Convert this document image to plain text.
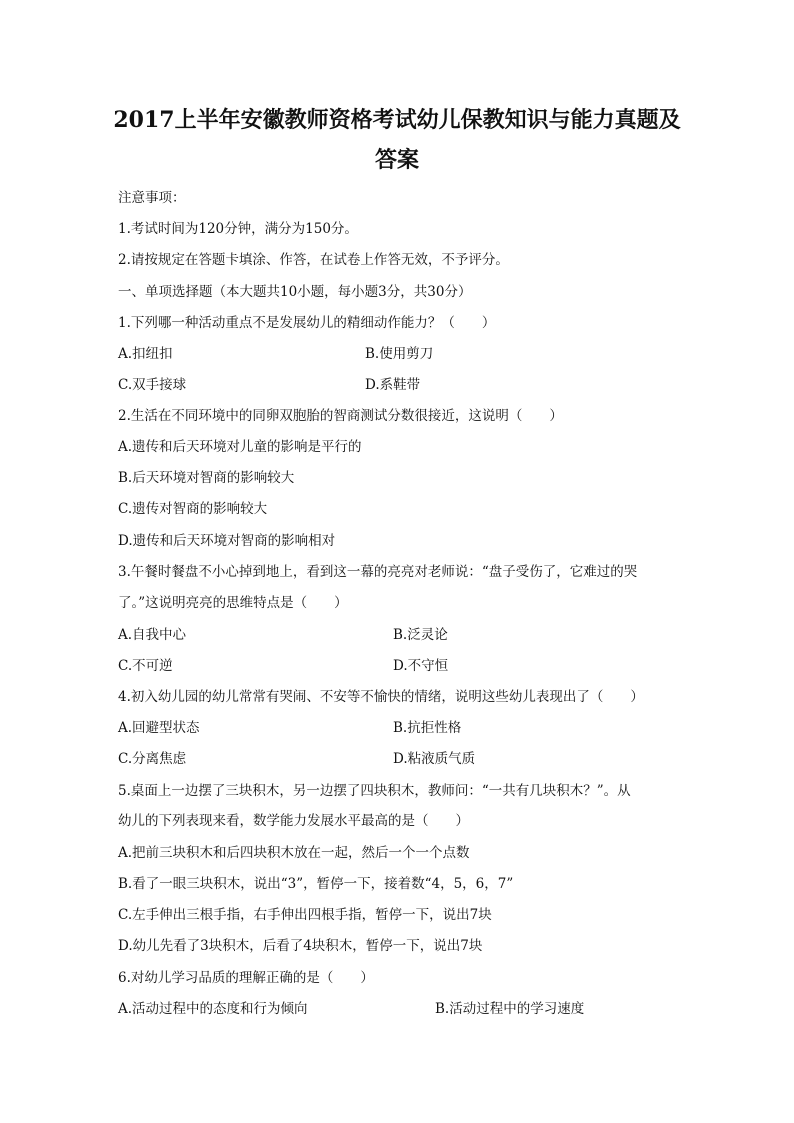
2017上半年安徽教师资格考试幼儿保教知识与能力真题及
答案
注意事项：
1.考试时间为120分钟，满分为150分。
2.请按规定在答题卡填涂、作答，在试卷上作答无效，不予评分。
一、单项选择题（本大题共10小题，每小题3分，共30分）
1.下列哪一种活动重点不是发展幼儿的精细动作能力？（　　）
A.扣纽扣	B.使用剪刀
C.双手接球	D.系鞋带
2.生活在不同环境中的同卵双胞胎的智商测试分数很接近，这说明（　　）
A.遗传和后天环境对儿童的影响是平行的
B.后天环境对智商的影响较大
C.遗传对智商的影响较大
D.遗传和后天环境对智商的影响相对
3.午餐时餐盘不小心掉到地上，看到这一幕的亮亮对老师说：“盘子受伤了，它难过的哭
了。”这说明亮亮的思维特点是（　　）
A.自我中心	B.泛灵论
C.不可逆	D.不守恒
4.初入幼儿园的幼儿常常有哭闹、不安等不愉快的情绪，说明这些幼儿表现出了（　　）
A.回避型状态	B.抗拒性格
C.分离焦虑	D.粘液质气质
5.桌面上一边摆了三块积木，另一边摆了四块积木，教师问：“一共有几块积木？”。从
幼儿的下列表现来看，数学能力发展水平最高的是（　　）
A.把前三块积木和后四块积木放在一起，然后一个一个点数
B.看了一眼三块积木，说出“3”，暂停一下，接着数“4，5，6，7”
C.左手伸出三根手指，右手伸出四根手指，暂停一下，说出7块
D.幼儿先看了3块积木，后看了4块积木，暂停一下，说出7块
6.对幼儿学习品质的理解正确的是（　　）
A.活动过程中的态度和行为倾向	B.活动过程中的学习速度
